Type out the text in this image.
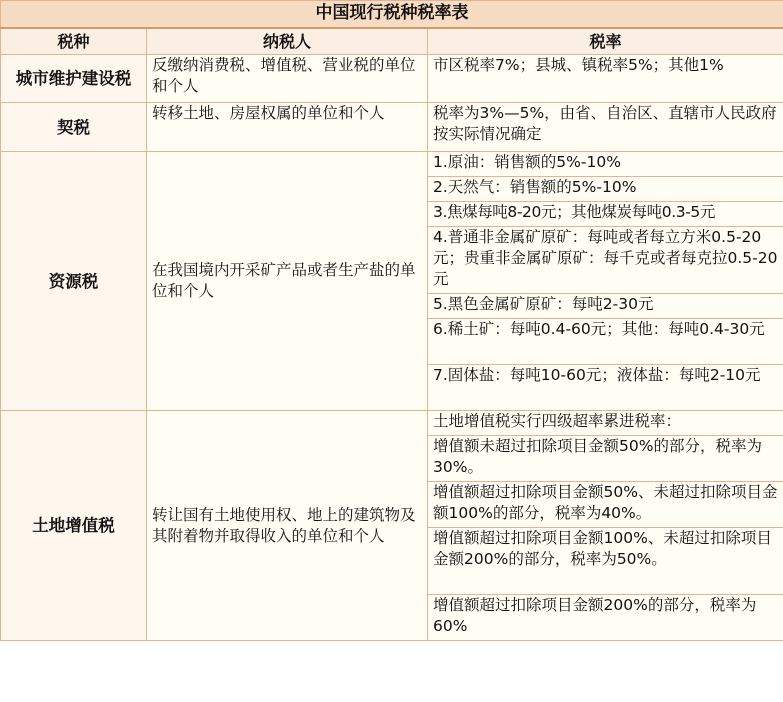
中国现行税种税率表		
税种	纳税人	税率
城市维护建设税	反缴纳消费税、增值税、营业税的单位和个人	市区税率7%；县城、镇税率5%；其他1%
契税	转移土地、房屋权属的单位和个人	税率为3%—5%，由省、自治区、直辖市人民政府按实际情况确定
资源税	在我国境内开采矿产品或者生产盐的单位和个人	1.原油：销售额的5%-10%
		2.天然气：销售额的5%-10%
		3.焦煤每吨8-20元；其他煤炭每吨0.3-5元
		4.普通非金属矿原矿：每吨或者每立方米0.5-20元；贵重非金属矿原矿：每千克或者每克拉0.5-20元
		5.黑色金属矿原矿：每吨2-30元
		6.稀土矿：每吨0.4-60元；其他：每吨0.4-30元
		7.固体盐：每吨10-60元；液体盐：每吨2-10元
土地增值税	转让国有土地使用权、地上的建筑物及其附着物并取得收入的单位和个人	土地增值税实行四级超率累进税率：
		增值额未超过扣除项目金额50%的部分，税率为30%。
		增值额超过扣除项目金额50%、未超过扣除项目金额100%的部分，税率为40%。
		增值额超过扣除项目金额100%、未超过扣除项目金额200%的部分，税率为50%。
		增值额超过扣除项目金额200%的部分，税率为60%
